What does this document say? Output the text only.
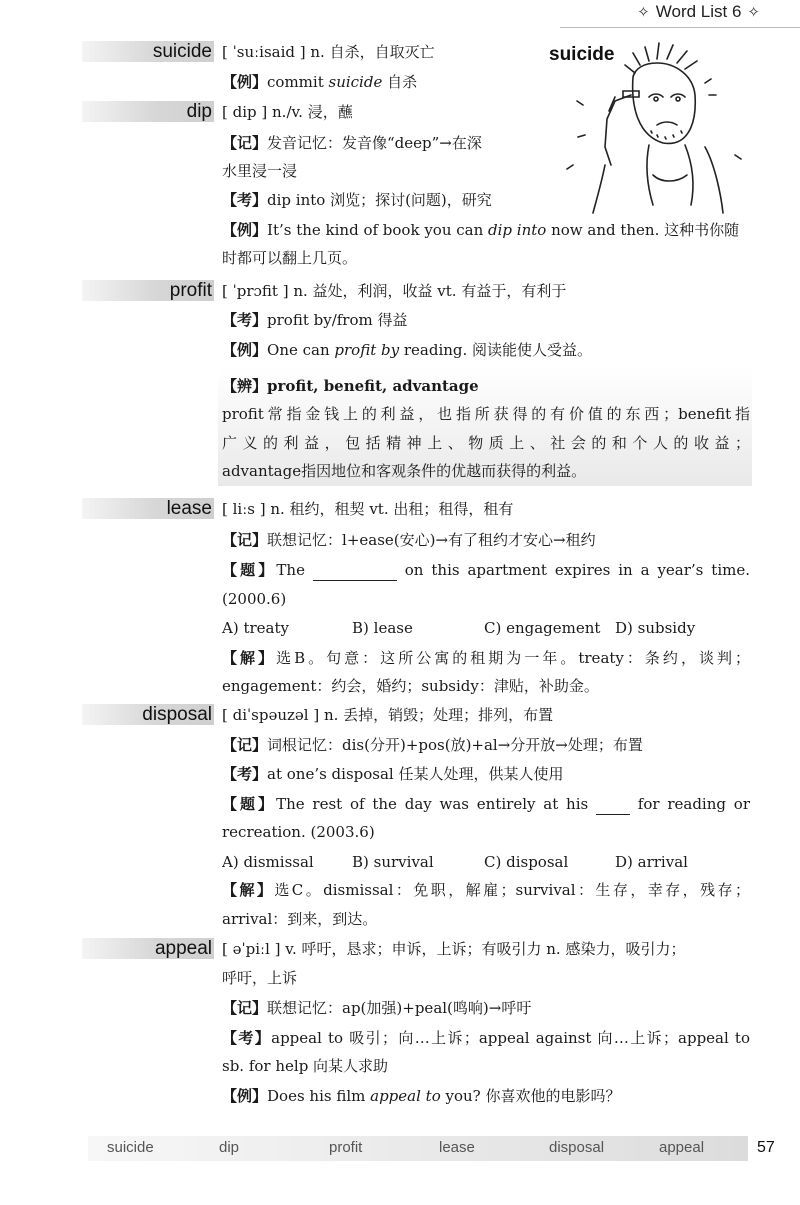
✧ Word List 6 ✧
suicide
suicide [ ˈsuːisaid ] n. 自杀，自取灭亡
【例】commit suicide 自杀
dip [ dip ] n./v. 浸，蘸
【记】发音记忆：发音像“deep”→在深
水里浸一浸
【考】dip into 浏览；探讨(问题)，研究
【例】It’s the kind of book you can dip into now and then. 这种书你随
时都可以翻上几页。
profit [ ˈprɔfit ] n. 益处，利润，收益 vt. 有益于，有利于
【考】profit by/from 得益
【例】One can profit by reading. 阅读能使人受益。
【辨】profit, benefit, advantage
profit常指金钱上的利益，也指所获得的有价值的东西；benefit指
广义的利益，包括精神上、物质上、社会的和个人的收益；
advantage指因地位和客观条件的优越而获得的利益。
lease [ liːs ] n. 租约，租契 vt. 出租；租得，租有
【记】联想记忆：l+ease(安心)→有了租约才安心→租约
【题】The	on this apartment expires in a year’s time.
(2000.6)
A) treaty	B) lease	C) engagement D) subsidy
【解】选B。句意：这所公寓的租期为一年。treaty：条约，谈判；
engagement：约会，婚约；subsidy：津贴，补助金。
disposal [ diˈspəuzəl ] n. 丢掉，销毁；处理；排列，布置
【记】词根记忆：dis(分开)+pos(放)+al→分开放→处理；布置
【考】at one’s disposal 任某人处理，供某人使用
【题】The rest of the day was entirely at his   for reading or
recreation. (2003.6)
A) dismissal	B) survival	C) disposal	D) arrival
【解】选C。dismissal：免职，解雇；survival：生存，幸存，残存；
arrival：到来，到达。
appeal [ əˈpiːl ] v. 呼吁，恳求；申诉，上诉；有吸引力 n. 感染力，吸引力；
呼吁，上诉
【记】联想记忆：ap(加强)+peal(鸣响)→呼吁
【考】appeal to 吸引；向…上诉；appeal against 向…上诉；appeal to
sb. for help 向某人求助
【例】Does his film appeal to you? 你喜欢他的电影吗？
suicide	dip	profit	lease	disposal	appeal	57
